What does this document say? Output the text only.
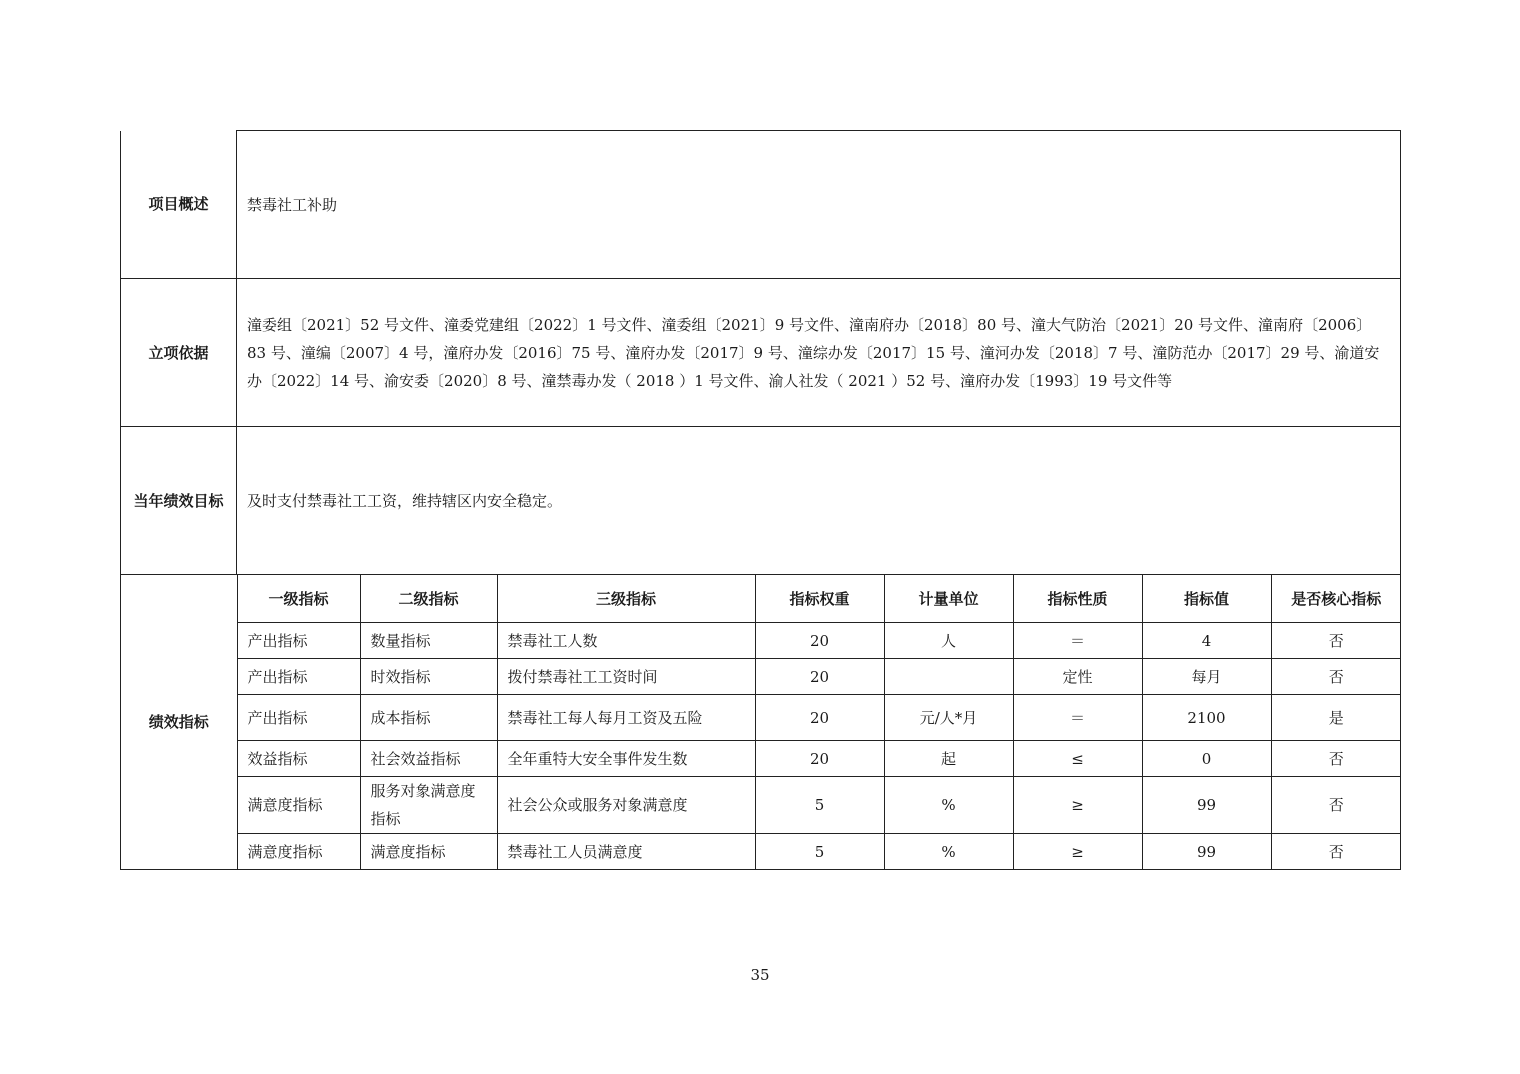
项目概述	禁毒社工补助
立项依据	潼委组〔2021〕52 号文件、潼委党建组〔2022〕1 号文件、潼委组〔2021〕9 号文件、潼南府办〔2018〕80 号、潼大气防治〔2021〕20 号文件、潼南府〔2006〕83 号、潼编〔2007〕4 号，潼府办发〔2016〕75 号、潼府办发〔2017〕9 号、潼综办发〔2017〕15 号、潼河办发〔2018〕7 号、潼防范办〔2017〕29 号、渝道安办〔2022〕14 号、渝安委〔2020〕8 号、潼禁毒办发（ 2018 ）1 号文件、渝人社发（ 2021 ）52 号、潼府办发〔1993〕19 号文件等
当年绩效目标	及时支付禁毒社工工资，维持辖区内安全稳定。
绩效指标	
一级指标	二级指标	三级指标	指标权重	计量单位	指标性质	指标值	是否核心指标
产出指标	数量指标	禁毒社工人数	20	人	＝	4	否
产出指标	时效指标	拨付禁毒社工工资时间	20		定性	每月	否
产出指标	成本指标	禁毒社工每人每月工资及五险	20	元/人*月	＝	2100	是
效益指标	社会效益指标	全年重特大安全事件发生数	20	起	≤	0	否
满意度指标	服务对象满意度指标	社会公众或服务对象满意度	5	%	≥	99	否
满意度指标	满意度指标	禁毒社工人员满意度	5	%	≥	99	否
35
